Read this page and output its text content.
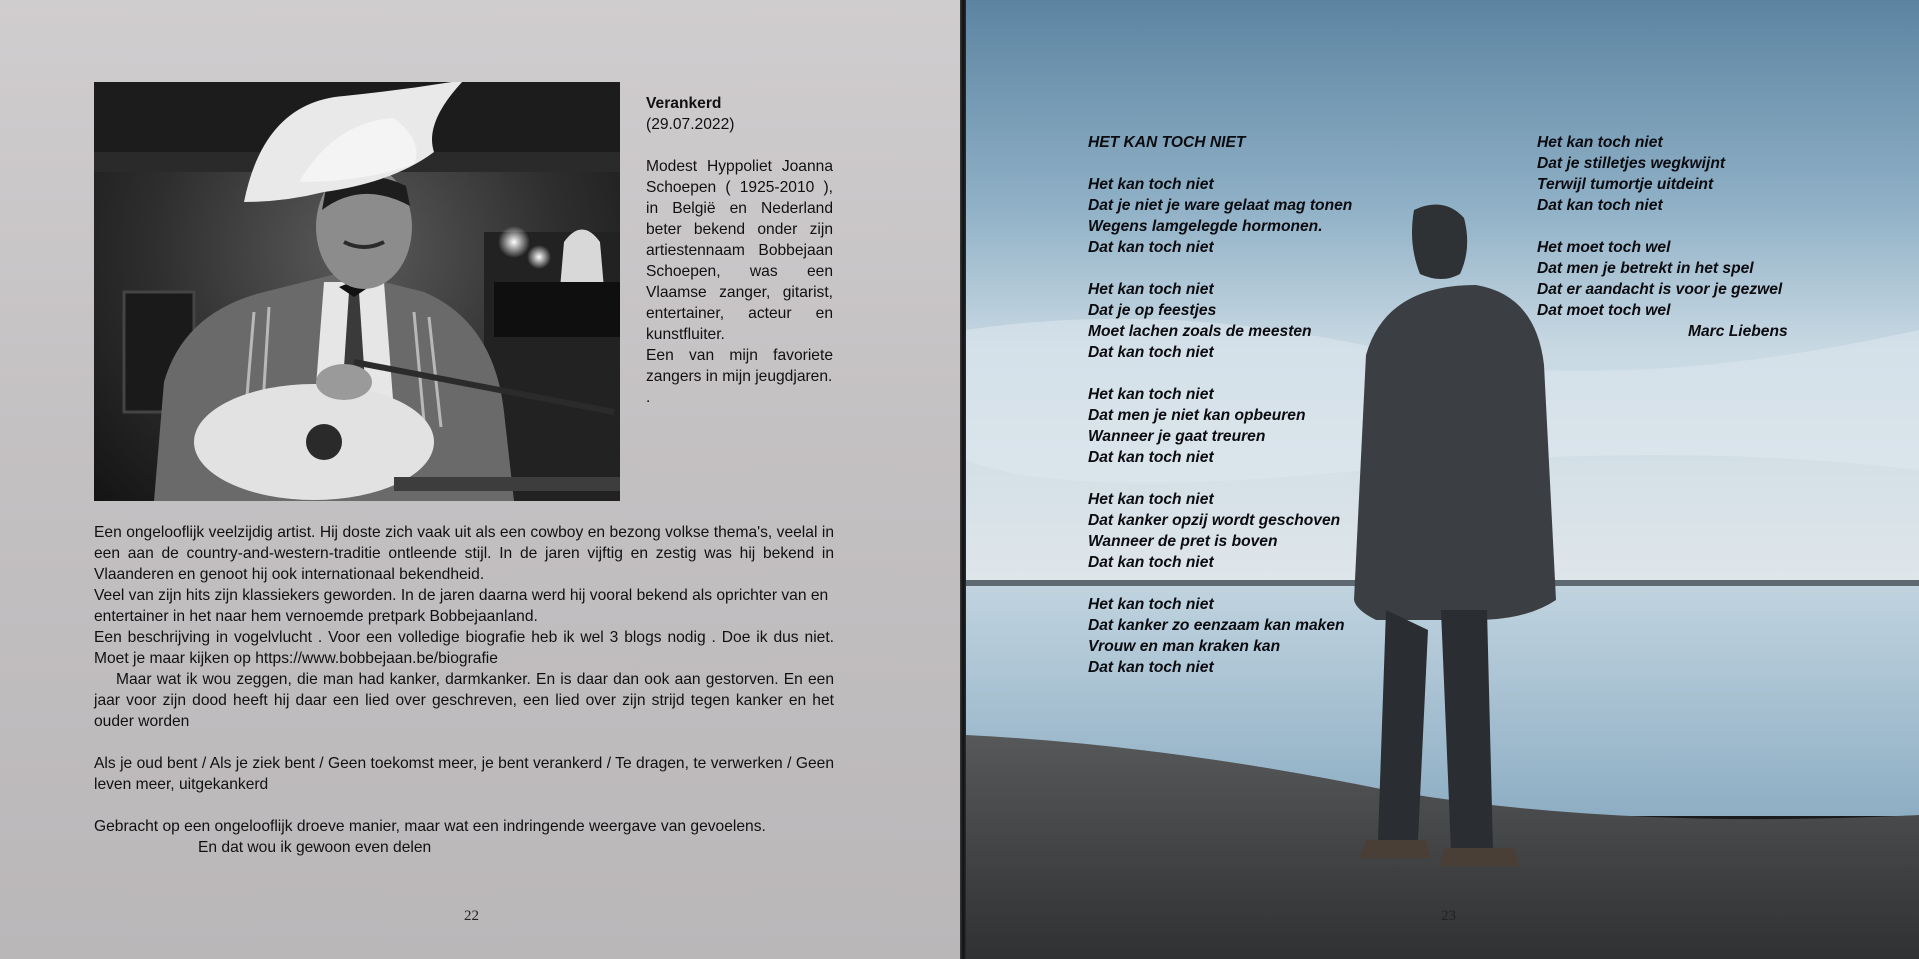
Verankerd
(29.07.2022)

Modest Hyppoliet Joanna Schoepen ( 1925-2010 ), in België en Nederland beter bekend onder zijn artiestennaam Bobbejaan Schoepen, was een Vlaamse zanger, gitarist, entertainer, acteur en kunstfluiter.

Een van mijn favoriete zangers in mijn jeugdjaren.

.

Een ongelooflijk veelzijdig artist. Hij doste zich vaak uit als een cowboy en bezong volkse thema's, veelal in een aan de country-and-western-traditie ontleende stijl. In de jaren vijftig en zestig was hij bekend in Vlaanderen en genoot hij ook internationaal bekendheid.

Veel van zijn hits zijn klassiekers geworden. In de jaren daarna werd hij vooral bekend als oprichter van en entertainer in het naar hem vernoemde pretpark Bobbejaanland.

Een beschrijving in vogelvlucht . Voor een volledige biografie heb ik wel 3 blogs nodig . Doe ik dus niet. Moet je maar kijken op https://www.bobbejaan.be/biografie

Maar wat ik wou zeggen, die man had kanker, darmkanker. En is daar dan ook aan gestorven. En een jaar voor zijn dood heeft hij daar een lied over geschreven, een lied over zijn strijd tegen kanker en het ouder worden

Als je oud bent / Als je ziek bent / Geen toekomst meer, je bent verankerd / Te dragen, te verwerken / Geen leven meer, uitgekankerd

Gebracht op een ongelooflijk droeve manier, maar wat een indringende weergave van gevoelens.

En dat wou ik gewoon even delen

22

HET KAN TOCH NIET

Het kan toch niet

Dat je niet je ware gelaat mag tonen

Wegens lamgelegde hormonen.

Dat kan toch niet

Het kan toch niet

Dat je op feestjes

Moet lachen zoals de meesten

Dat kan toch niet

Het kan toch niet

Dat men je niet kan opbeuren

Wanneer je gaat treuren

Dat kan toch niet

Het kan toch niet

Dat kanker opzij wordt geschoven

Wanneer de pret is boven

Dat kan toch niet

Het kan toch niet

Dat kanker zo eenzaam kan maken

Vrouw en man kraken kan

Dat kan toch niet

Het kan toch niet

Dat je stilletjes wegkwijnt

Terwijl tumortje uitdeint

Dat kan toch niet

Het moet toch wel

Dat men je betrekt in het spel

Dat er aandacht is voor je gezwel

Dat moet toch wel

Marc Liebens

23
